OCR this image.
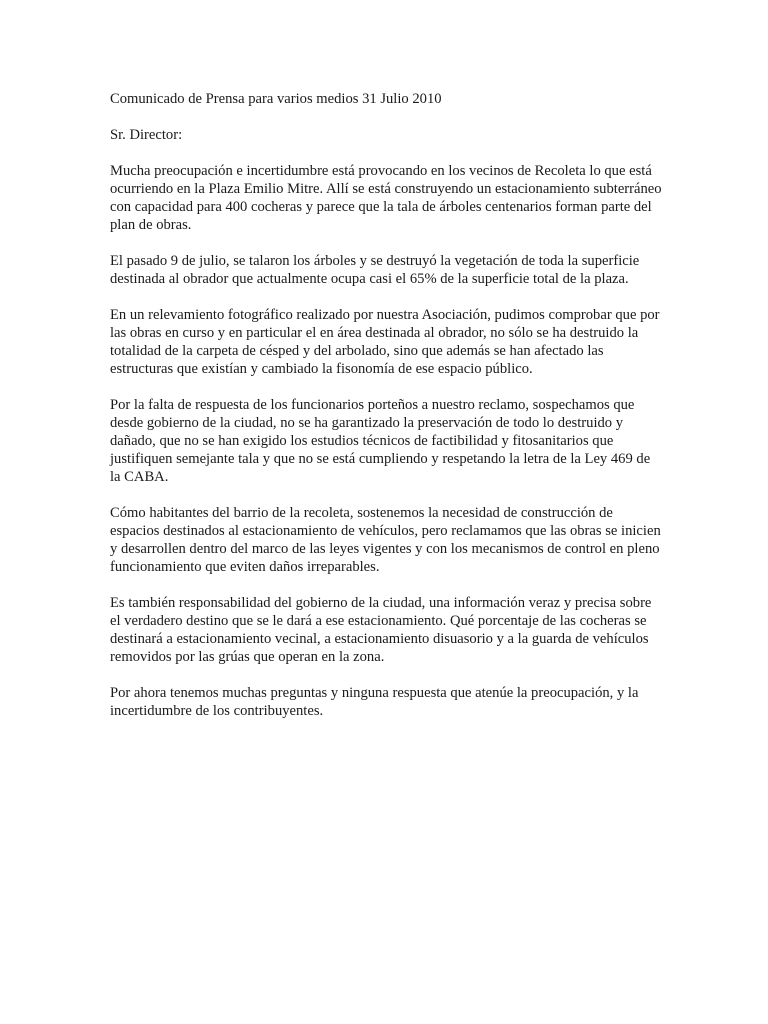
Comunicado de Prensa para varios medios 31 Julio 2010

Sr. Director:

Mucha preocupación e incertidumbre está provocando en los vecinos de Recoleta lo que está ocurriendo en la Plaza Emilio Mitre. Allí se está construyendo un estacionamiento subterráneo con capacidad para 400 cocheras y parece que la tala de árboles centenarios forman parte del plan de obras.

El pasado 9 de julio, se talaron los árboles y se destruyó la vegetación de toda la superficie destinada al obrador que actualmente ocupa casi el 65% de la superficie total de la plaza.

En un relevamiento fotográfico realizado por nuestra Asociación, pudimos comprobar que por las obras en curso y en particular el en área destinada al obrador, no sólo se ha destruido la totalidad de la carpeta de césped y del arbolado, sino que además se han afectado las estructuras que existían y cambiado la fisonomía de ese espacio público.

Por la falta de respuesta de los funcionarios porteños a nuestro reclamo, sospechamos que desde gobierno de la ciudad, no se ha garantizado la preservación de todo lo destruido y dañado, que no se han exigido los estudios técnicos de factibilidad y fitosanitarios que justifiquen semejante tala y que no se está cumpliendo y respetando la letra de la Ley 469 de la CABA.

Cómo habitantes del barrio de la recoleta, sostenemos la necesidad de construcción de espacios destinados al estacionamiento de vehículos, pero reclamamos que las obras se inicien y desarrollen dentro del marco de las leyes vigentes y con los mecanismos de control en pleno funcionamiento que eviten daños irreparables.

Es también responsabilidad del gobierno de la ciudad, una información veraz y precisa sobre el verdadero destino que se le dará a ese estacionamiento. Qué porcentaje de las cocheras se destinará a estacionamiento vecinal, a estacionamiento disuasorio y a la guarda de vehículos removidos por las grúas que operan en la zona.

Por ahora tenemos muchas preguntas y ninguna respuesta que atenúe la preocupación, y la incertidumbre de los contribuyentes.
